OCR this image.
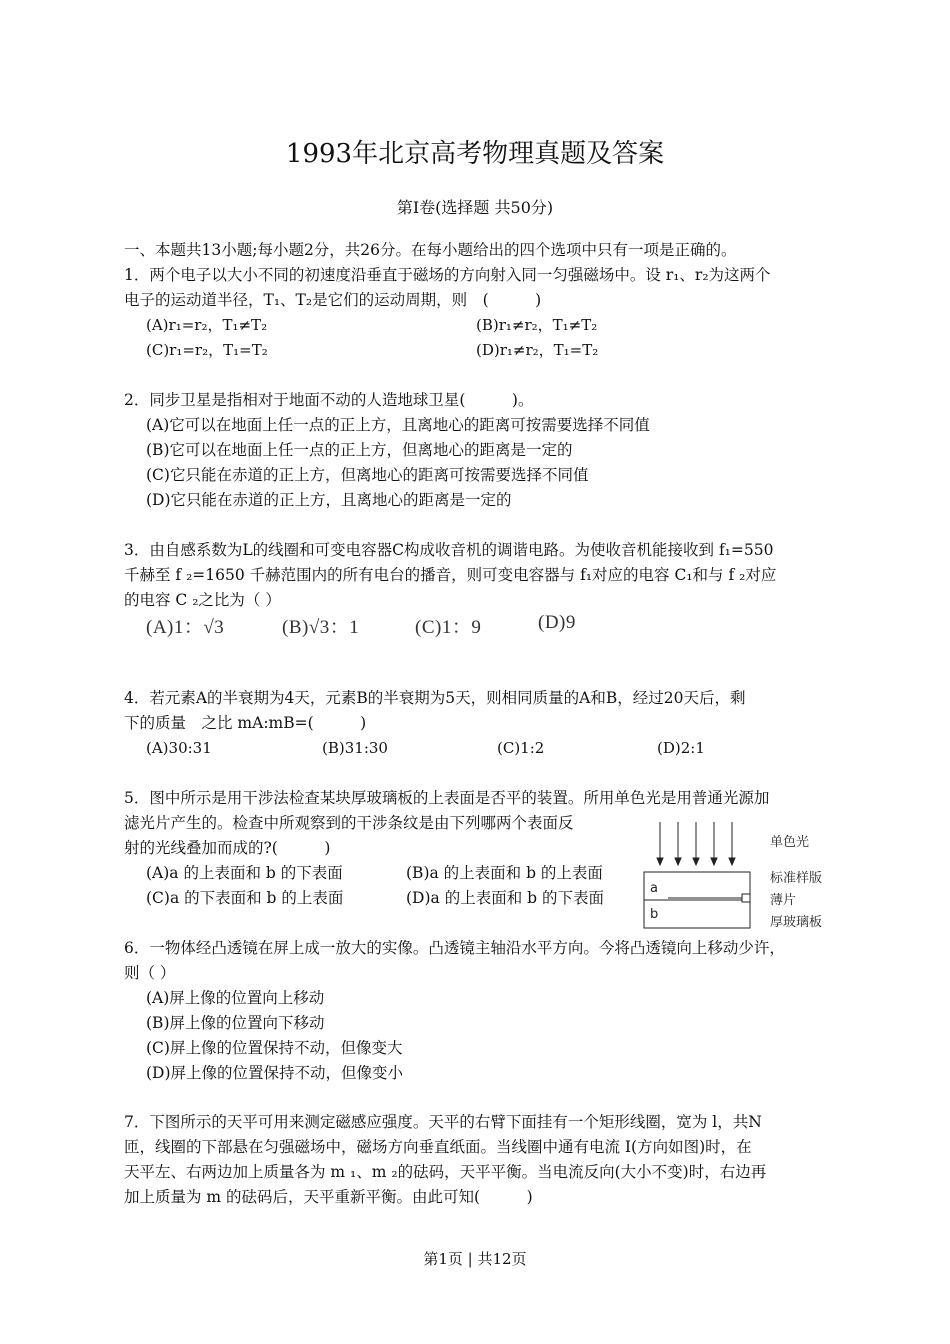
1993年北京高考物理真题及答案
第Ⅰ卷(选择题 共50分)
一、本题共13小题;每小题2分，共26分。在每小题给出的四个选项中只有一项是正确的。
1．两个电子以大小不同的初速度沿垂直于磁场的方向射入同一匀强磁场中。设 r₁、r₂为这两个
电子的运动道半径，T₁、T₂是它们的运动周期，则　(　　　)
(A)r₁=r₂，T₁≠T₂	(B)r₁≠r₂，T₁≠T₂
(C)r₁=r₂，T₁=T₂	(D)r₁≠r₂，T₁=T₂
2．同步卫星是指相对于地面不动的人造地球卫星(　　　)。
(A)它可以在地面上任一点的正上方，且离地心的距离可按需要选择不同值
(B)它可以在地面上任一点的正上方，但离地心的距离是一定的
(C)它只能在赤道的正上方，但离地心的距离可按需要选择不同值
(D)它只能在赤道的正上方，且离地心的距离是一定的
3．由自感系数为L的线圈和可变电容器C构成收音机的调谐电路。为使收音机能接收到 f₁=550
千赫至 f ₂=1650 千赫范围内的所有电台的播音，则可变电容器与 f₁对应的电容 C₁和与 f ₂对应
的电容 C ₂之比为（ ）
(A)1：√3	(B)√3：1	(C)1：9	(D)9
4．若元素A的半衰期为4天，元素B的半衰期为5天，则相同质量的A和B，经过20天后，剩
下的质量　之比 mA:mB=(　　　)
(A)30:31	(B)31:30	(C)1:2	(D)2:1
5．图中所示是用干涉法检查某块厚玻璃板的上表面是否平的装置。所用单色光是用普通光源加
滤光片产生的。检查中所观察到的干涉条纹是由下列哪两个表面反
射的光线叠加而成的?(　　　)
(A)a 的上表面和 b 的下表面	(B)a 的上表面和 b 的上表面
(C)a 的下表面和 b 的上表面	(D)a 的上表面和 b 的下表面
a
b
单色光
标准样版
薄片
厚玻璃板
6．一物体经凸透镜在屏上成一放大的实像。凸透镜主轴沿水平方向。今将凸透镜向上移动少许，
则（ ）
(A)屏上像的位置向上移动
(B)屏上像的位置向下移动
(C)屏上像的位置保持不动，但像变大
(D)屏上像的位置保持不动，但像变小
7．下图所示的天平可用来测定磁感应强度。天平的右臂下面挂有一个矩形线圈，宽为 l，共N
匝，线圈的下部悬在匀强磁场中，磁场方向垂直纸面。当线圈中通有电流 I(方向如图)时，在
天平左、右两边加上质量各为 m ₁、m ₂的砝码，天平平衡。当电流反向(大小不变)时，右边再
加上质量为 m 的砝码后，天平重新平衡。由此可知(　　　)
第1页 | 共12页
